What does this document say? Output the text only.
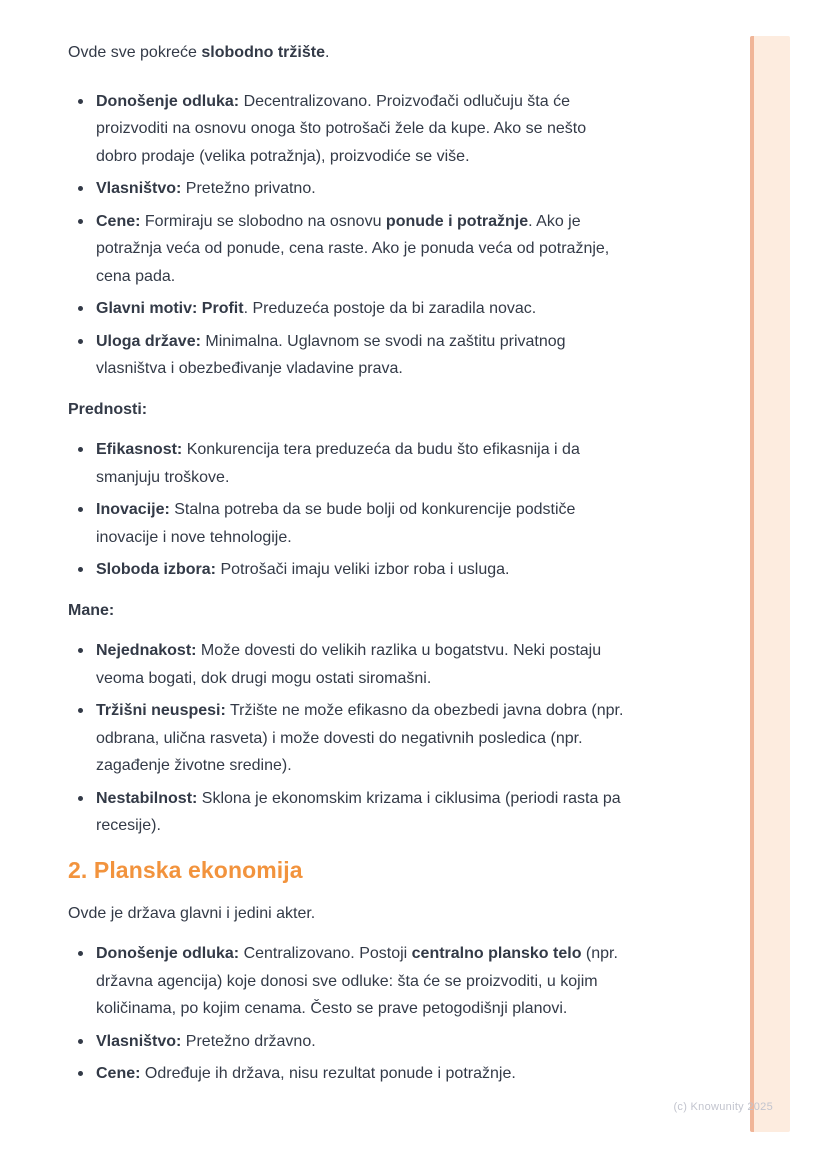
Ovde sve pokreće slobodno tržište.

Donošenje odluka: Decentralizovano. Proizvođači odlučuju šta će
proizvoditi na osnovu onoga što potrošači žele da kupe. Ako se nešto
dobro prodaje (velika potražnja), proizvodiće se više.
Vlasništvo: Pretežno privatno.
Cene: Formiraju se slobodno na osnovu ponude i potražnje. Ako je
potražnja veća od ponude, cena raste. Ako je ponuda veća od potražnje,
cena pada.
Glavni motiv: Profit. Preduzeća postoje da bi zaradila novac.
Uloga države: Minimalna. Uglavnom se svodi na zaštitu privatnog
vlasništva i obezbeđivanje vladavine prava.

Prednosti:

Efikasnost: Konkurencija tera preduzeća da budu što efikasnija i da
smanjuju troškove.
Inovacije: Stalna potreba da se bude bolji od konkurencije podstiče
inovacije i nove tehnologije.
Sloboda izbora: Potrošači imaju veliki izbor roba i usluga.

Mane:

Nejednakost: Može dovesti do velikih razlika u bogatstvu. Neki postaju
veoma bogati, dok drugi mogu ostati siromašni.
Tržišni neuspesi: Tržište ne može efikasno da obezbedi javna dobra (npr.
odbrana, ulična rasveta) i može dovesti do negativnih posledica (npr.
zagađenje životne sredine).
Nestabilnost: Sklona je ekonomskim krizama i ciklusima (periodi rasta pa
recesije).
2. Planska ekonomija

Ovde je država glavni i jedini akter.

Donošenje odluka: Centralizovano. Postoji centralno plansko telo (npr.
državna agencija) koje donosi sve odluke: šta će se proizvoditi, u kojim
količinama, po kojim cenama. Često se prave petogodišnji planovi.
Vlasništvo: Pretežno državno.
Cene: Određuje ih država, nisu rezultat ponude i potražnje.
(c) Knowunity 2025
